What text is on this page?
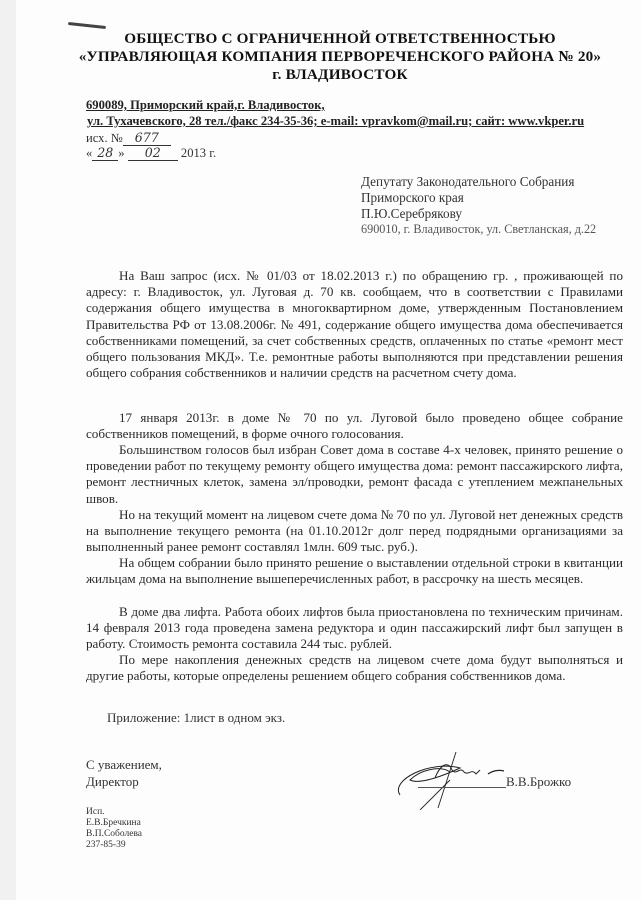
ОБЩЕСТВО С ОГРАНИЧЕННОЙ ОТВЕТСТВЕННОСТЬЮ
«УПРАВЛЯЮЩАЯ КОМПАНИЯ ПЕРВОРЕЧЕНСКОГО РАЙОНА № 20»
г. ВЛАДИВОСТОК
690089, Приморский край,г. Владивосток,
ул. Тухачевского, 28 тел./факс 234-35-36; e-mail: vpravkom@mail.ru; сайт: www.vkper.ru
исх. № 677
« 28 » 02 2013 г.
Депутату Законодательного Собрания
Приморского края
П.Ю.Серебрякову
690010, г. Владивосток, ул. Светланская, д.22

На Ваш запрос (исх. № 01/03 от 18.02.2013 г.) по обращению гр. , проживающей по адресу: г. Владивосток, ул. Луговая д. 70 кв. сообщаем, что в соответствии с Правилами содержания общего имущества в многоквартирном доме, утвержденным Постановлением Правительства РФ от 13.08.2006г. № 491, содержание общего имущества дома обеспечивается собственниками помещений, за счет собственных средств, оплаченных по статье «ремонт мест общего пользования МКД». Т.е. ремонтные работы выполняются при представлении решения общего собрания собственников и наличии средств на расчетном счету дома.

17 января 2013г. в доме № 70 по ул. Луговой было проведено общее собрание собственников помещений, в форме очного голосования.

Большинством голосов был избран Совет дома в составе 4-х человек, принято решение о проведении работ по текущему ремонту общего имущества дома: ремонт пассажирского лифта, ремонт лестничных клеток, замена эл/проводки, ремонт фасада с утеплением межпанельных швов.

Но на текущий момент на лицевом счете дома № 70 по ул. Луговой нет денежных средств на выполнение текущего ремонта (на 01.10.2012г долг перед подрядными организациями за выполненный ранее ремонт составлял 1млн. 609 тыс. руб.).

На общем собрании было принято решение о выставлении отдельной строки в квитанции жильцам дома на выполнение вышеперечисленных работ, в рассрочку на шесть месяцев.

В доме два лифта. Работа обоих лифтов была приостановлена по техническим причинам. 14 февраля 2013 года проведена замена редуктора и один пассажирский лифт был запущен в работу. Стоимость ремонта составила 244 тыс. рублей.

По мере накопления денежных средств на лицевом счете дома будут выполняться и другие работы, которые определены решением общего собрания собственников дома.

Приложение: 1лист в одном экз.
С уважением,
Директор	В.В.Брожко
Исп.
Е.В.Бречкина
В.П.Соболева
237-85-39
